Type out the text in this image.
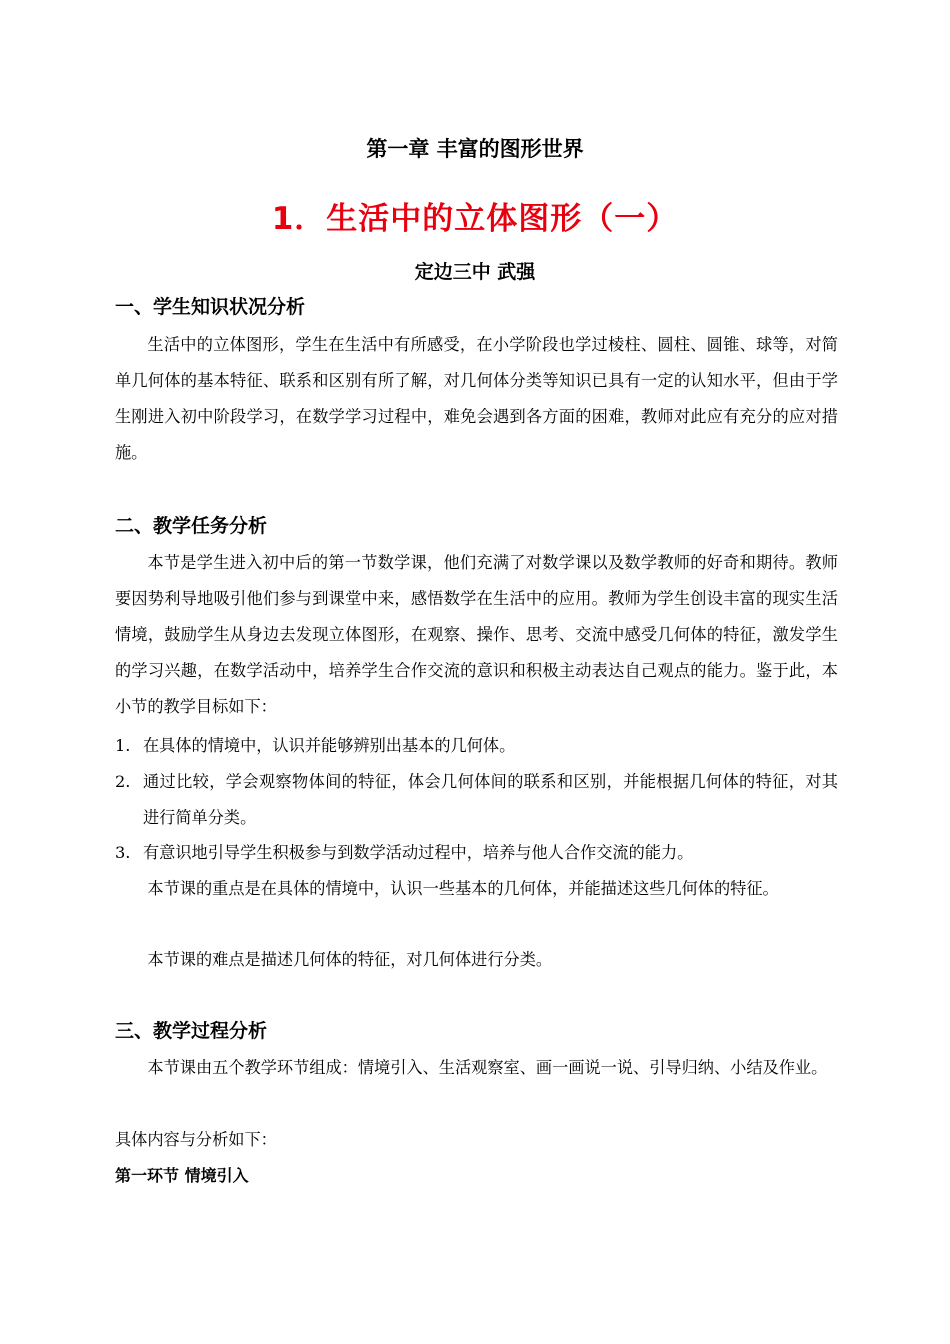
第一章 丰富的图形世界
1．生活中的立体图形（一）
定边三中 武强
一、学生知识状况分析
生活中的立体图形，学生在生活中有所感受，在小学阶段也学过棱柱、圆柱、圆锥、球等，对简单几何体的基本特征、联系和区别有所了解，对几何体分类等知识已具有一定的认知水平，但由于学生刚进入初中阶段学习，在数学学习过程中，难免会遇到各方面的困难，教师对此应有充分的应对措施。
二、教学任务分析
本节是学生进入初中后的第一节数学课，他们充满了对数学课以及数学教师的好奇和期待。教师要因势利导地吸引他们参与到课堂中来，感悟数学在生活中的应用。教师为学生创设丰富的现实生活情境，鼓励学生从身边去发现立体图形，在观察、操作、思考、交流中感受几何体的特征，激发学生的学习兴趣，在数学活动中，培养学生合作交流的意识和积极主动表达自己观点的能力。鉴于此，本小节的教学目标如下：
1. 在具体的情境中，认识并能够辨别出基本的几何体。
2. 通过比较，学会观察物体间的特征，体会几何体间的联系和区别，并能根据几何体的特征，对其进行简单分类。
3. 有意识地引导学生积极参与到数学活动过程中，培养与他人合作交流的能力。
本节课的重点是在具体的情境中，认识一些基本的几何体，并能描述这些几何体的特征。
本节课的难点是描述几何体的特征，对几何体进行分类。
三、教学过程分析
本节课由五个教学环节组成：情境引入、生活观察室、画一画说一说、引导归纳、小结及作业。
具体内容与分析如下：
第一环节 情境引入
